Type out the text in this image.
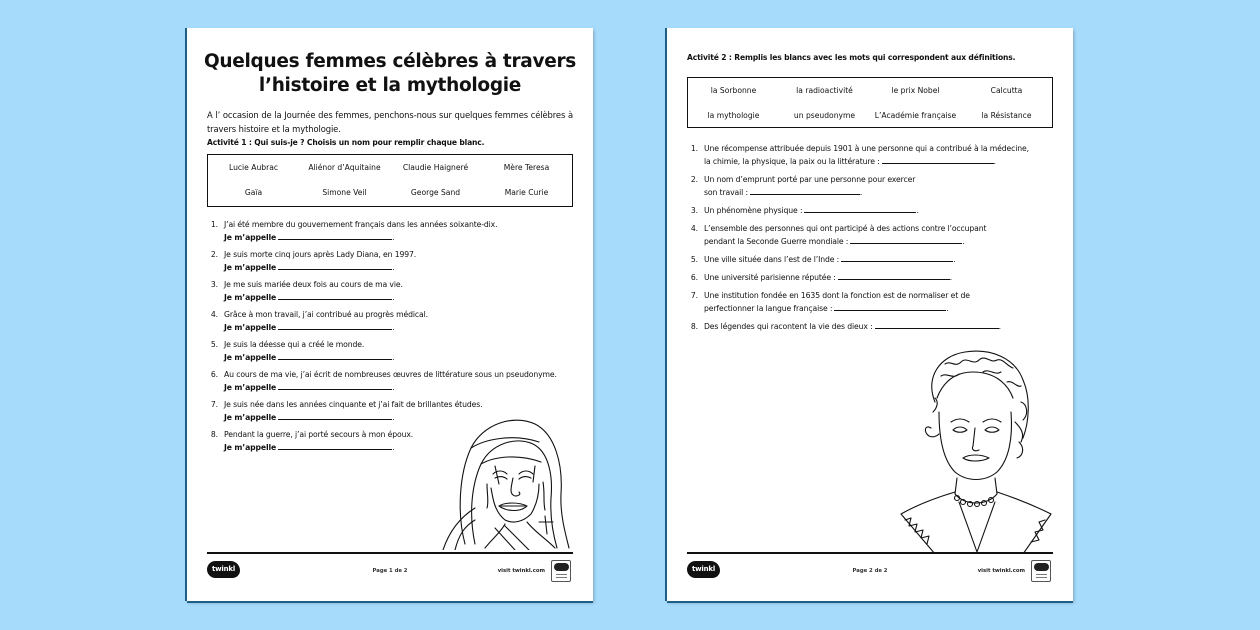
Quelques femmes célèbres à travers
l’histoire et la mythologie

A l’ occasion de la Journée des femmes, penchons-nous sur quelques femmes célèbres à travers histoire et la mythologie.

Activité 1 : Qui suis-je ? Choisis un nom pour remplir chaque blanc.
Lucie Aubrac	Aliénor d’Aquitaine	Claudie Haigneré	Mère Teresa
Gaïa	Simone Veil	George Sand	Marie Curie
1. J’ai été membre du gouvernement français dans les années soixante-dix.
Je m’appelle	.
2. Je suis morte cinq jours après Lady Diana, en 1997.
Je m’appelle	.
3. Je me suis mariée deux fois au cours de ma vie.
Je m’appelle	.
4. Grâce à mon travail, j’ai contribué au progrès médical.
Je m’appelle	.
5. Je suis la déesse qui a créé le monde.
Je m’appelle	.
6. Au cours de ma vie, j’ai écrit de nombreuses œuvres de littérature sous un pseudonyme.
Je m’appelle	.
7. Je suis née dans les années cinquante et j’ai fait de brillantes études.
Je m’appelle	.
8. Pendant la guerre, j’ai porté secours à mon époux.
Je m’appelle	.
twinkl	Page 1 de 2	visit twinkl.com
Activité 2 : Remplis les blancs avec les mots qui correspondent aux définitions.
la Sorbonne	la radioactivité	le prix Nobel	Calcutta
la mythologie	un pseudonyme	L’Académie française	la Résistance
1. Une récompense attribuée depuis 1901 à une personne qui a contribué à la médecine,
la chimie, la physique, la paix ou la littérature :	.
2. Un nom d’emprunt porté par une personne pour exercer
son travail :	.
3. Un phénomène physique :	.
4. L’ensemble des personnes qui ont participé à des actions contre l’occupant
pendant la Seconde Guerre mondiale :	.
5. Une ville située dans l’est de l’Inde :	.
6. Une université parisienne réputée :	.
7. Une institution fondée en 1635 dont la fonction est de normaliser et de
perfectionner la langue française :	.
8. Des légendes qui racontent la vie des dieux :	.
twinkl	Page 2 de 2	visit twinkl.com
